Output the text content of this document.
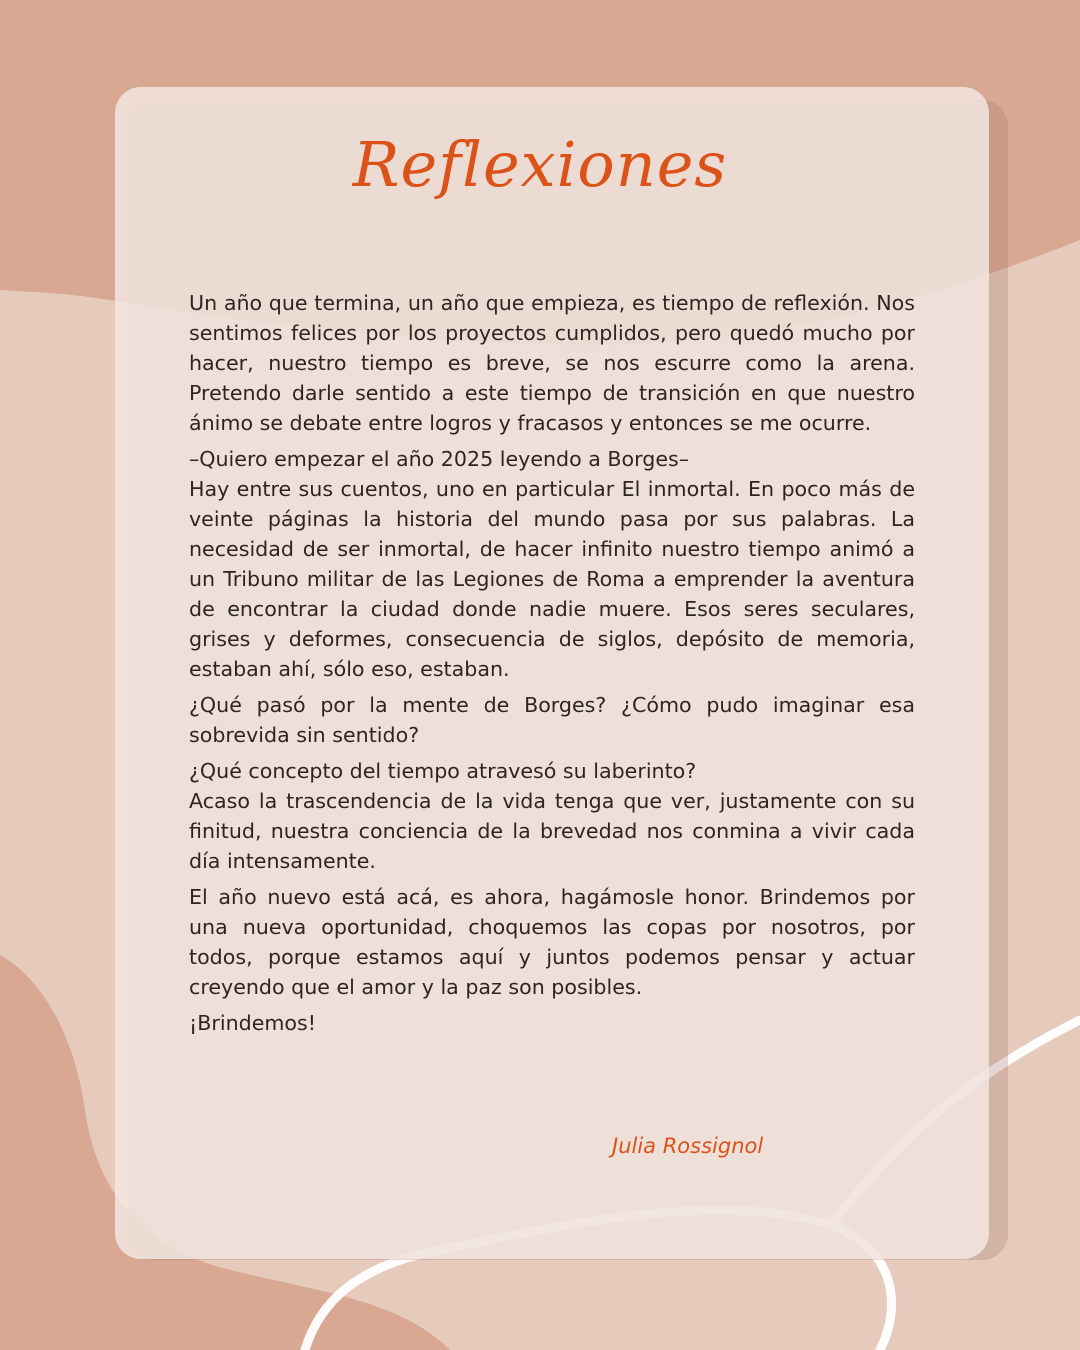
Reflexiones

Un año que termina, un año que empieza, es tiempo de reflexión. Nos sentimos felices por los proyectos cumplidos, pero quedó mucho por hacer, nuestro tiempo es breve, se nos escurre como la arena. Pretendo darle sentido a este tiempo de transición en que nuestro ánimo se debate entre logros y fracasos y entonces se me ocurre.

–Quiero empezar el año 2025 leyendo a Borges–

Hay entre sus cuentos, uno en particular El inmortal. En poco más de veinte páginas la historia del mundo pasa por sus palabras. La necesidad de ser inmortal, de hacer infinito nuestro tiempo animó a un Tribuno militar de las Legiones de Roma a emprender la aventura de encontrar la ciudad donde nadie muere. Esos seres seculares, grises y deformes, consecuencia de siglos, depósito de memoria, estaban ahí, sólo eso, estaban.

¿Qué pasó por la mente de Borges? ¿Cómo pudo imaginar esa sobrevida sin sentido?

¿Qué concepto del tiempo atravesó su laberinto?

Acaso la trascendencia de la vida tenga que ver, justamente con su finitud, nuestra conciencia de la brevedad nos conmina a vivir cada día intensamente.

El año nuevo está acá, es ahora, hagámosle honor. Brindemos por una nueva oportunidad, choquemos las copas por nosotros, por todos, porque estamos aquí y juntos podemos pensar y actuar creyendo que el amor y la paz son posibles.

¡Brindemos!

Julia Rossignol
